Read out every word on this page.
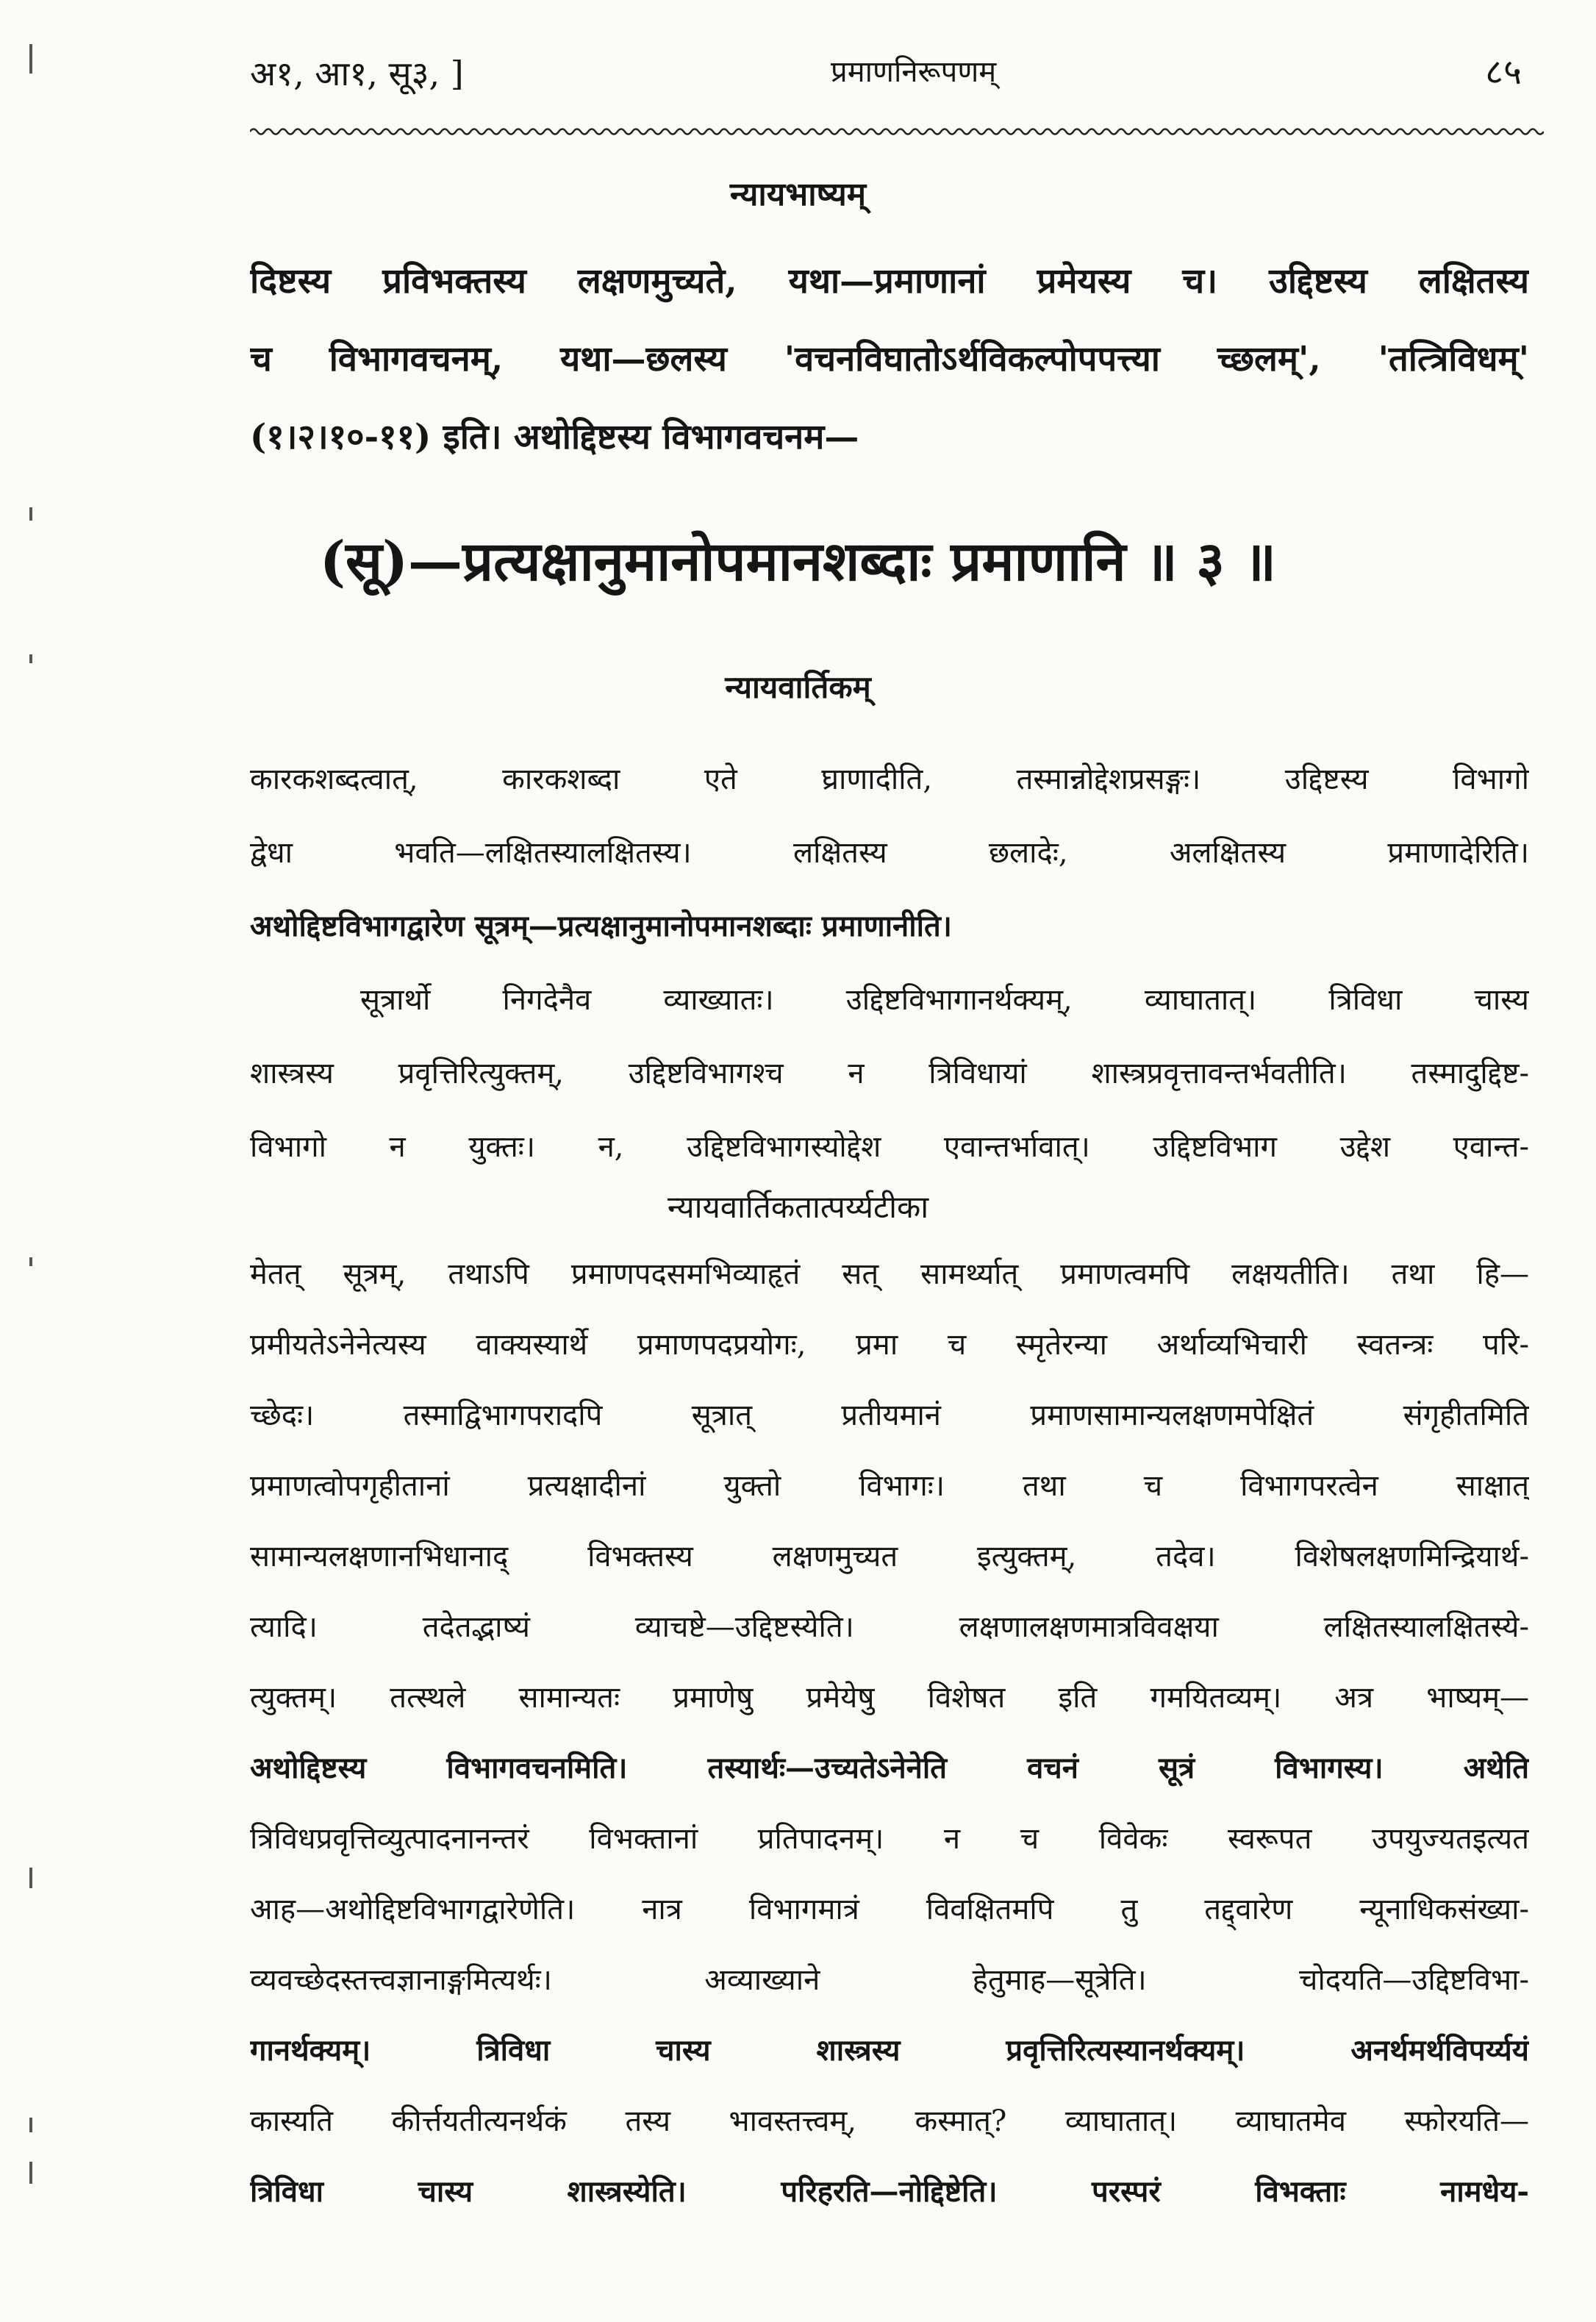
अ१, आ१, सू३, ]	प्रमाणनिरूपणम्	८५
न्यायभाष्यम्
दिष्टस्य प्रविभक्तस्य लक्षणमुच्यते, यथा—प्रमाणानां प्रमेयस्य च। उद्दिष्टस्य लक्षितस्य
च विभागवचनम्, यथा—छलस्य 'वचनविघातोऽर्थविकल्पोपपत्त्या च्छलम्', 'तत्त्रिविधम्'
(१।२।१०-११) इति। अथोद्दिष्टस्य विभागवचनम—
(सू)—प्रत्यक्षानुमानोपमानशब्दाः प्रमाणानि ॥ ३ ॥
न्यायवार्तिकम्
कारकशब्दत्वात्, कारकशब्दा एते घ्राणादीति, तस्मान्नोद्देशप्रसङ्गः। उद्दिष्टस्य विभागो
द्वेधा भवति—लक्षितस्यालक्षितस्य। लक्षितस्य छलादेः, अलक्षितस्य प्रमाणादेरिति।
अथोद्दिष्टविभागद्वारेण सूत्रम्—प्रत्यक्षानुमानोपमानशब्दाः प्रमाणानीति।
सूत्रार्थो निगदेनैव व्याख्यातः। उद्दिष्टविभागानर्थक्यम्, व्याघातात्। त्रिविधा चास्य
शास्त्रस्य प्रवृत्तिरित्युक्तम्, उद्दिष्टविभागश्च न त्रिविधायां शास्त्रप्रवृत्तावन्तर्भवतीति। तस्मादुद्दिष्ट-
विभागो न युक्तः। न, उद्दिष्टविभागस्योद्देश एवान्तर्भावात्। उद्दिष्टविभाग उद्देश एवान्त-
न्यायवार्तिकतात्पर्य्यटीका
मेतत् सूत्रम्, तथाऽपि प्रमाणपदसमभिव्याहृतं सत् सामर्थ्यात् प्रमाणत्वमपि लक्षयतीति। तथा हि—
प्रमीयतेऽनेनेत्यस्य वाक्यस्यार्थे प्रमाणपदप्रयोगः, प्रमा च स्मृतेरन्या अर्थाव्यभिचारी स्वतन्त्रः परि-
च्छेदः। तस्माद्विभागपरादपि सूत्रात् प्रतीयमानं प्रमाणसामान्यलक्षणमपेक्षितं संगृहीतमिति
प्रमाणत्वोपगृहीतानां प्रत्यक्षादीनां युक्तो विभागः। तथा च विभागपरत्वेन साक्षात्
सामान्यलक्षणानभिधानाद् विभक्तस्य लक्षणमुच्यत इत्युक्तम्, तदेव। विशेषलक्षणमिन्द्रियार्थ-
त्यादि। तदेतद्भाष्यं व्याचष्टे—उद्दिष्टस्येति। लक्षणालक्षणमात्रविवक्षया लक्षितस्यालक्षितस्ये-
त्युक्तम्। तत्स्थले सामान्यतः प्रमाणेषु प्रमेयेषु विशेषत इति गमयितव्यम्। अत्र भाष्यम्—
अथोद्दिष्टस्य विभागवचनमिति। तस्यार्थः—उच्यतेऽनेनेति वचनं सूत्रं विभागस्य। अथेति
त्रिविधप्रवृत्तिव्युत्पादनानन्तरं विभक्तानां प्रतिपादनम्। न च विवेकः स्वरूपत उपयुज्यतइत्यत
आह—अथोद्दिष्टविभागद्वारेणेति। नात्र विभागमात्रं विवक्षितमपि तु तद्द्वारेण न्यूनाधिकसंख्या-
व्यवच्छेदस्तत्त्वज्ञानाङ्गमित्यर्थः। अव्याख्याने हेतुमाह—सूत्रेति। चोदयति—उद्दिष्टविभा-
गानर्थक्यम्। त्रिविधा चास्य शास्त्रस्य प्रवृत्तिरित्यस्यानर्थक्यम्। अनर्थमर्थविपर्य्ययं
कास्यति कीर्त्तयतीत्यनर्थकं तस्य भावस्तत्त्वम्, कस्मात्? व्याघातात्। व्याघातमेव स्फोरयति—
त्रिविधा चास्य शास्त्रस्येति। परिहरति—नोद्दिष्टेति। परस्परं विभक्ताः नामधेय-
